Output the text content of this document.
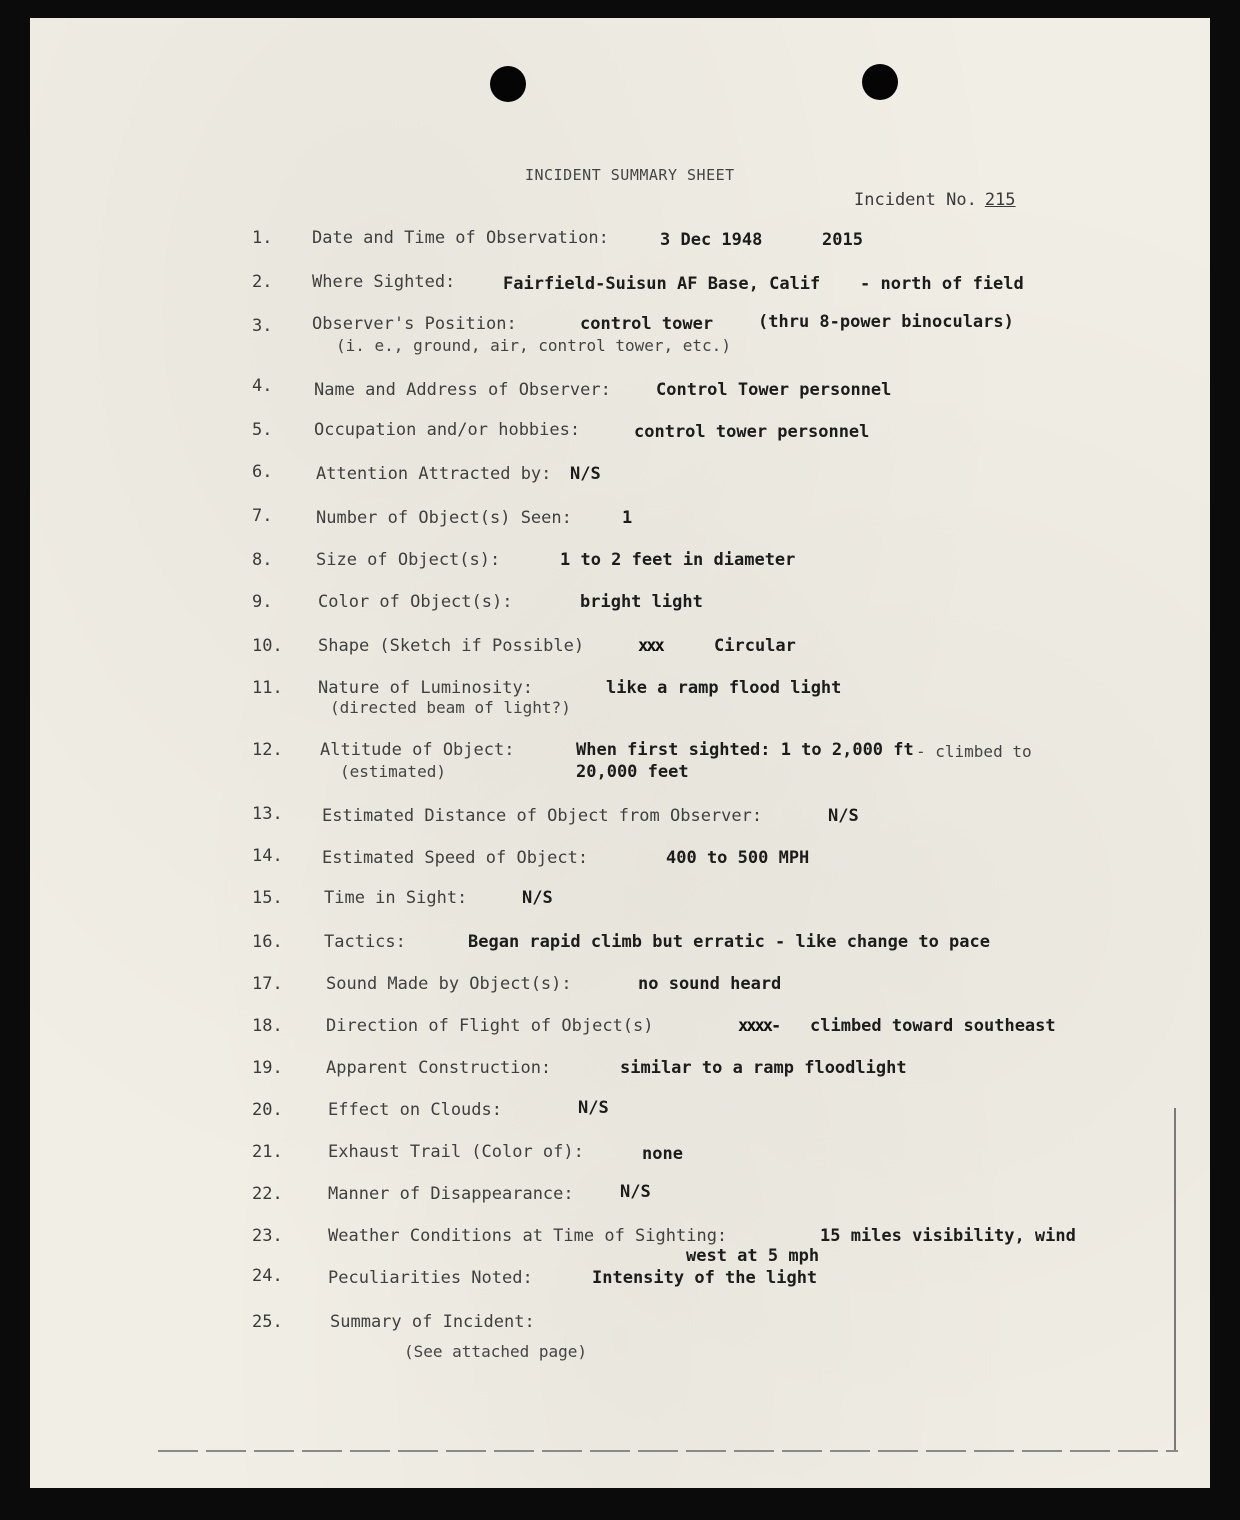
INCIDENT SUMMARY SHEET
Incident No. 215
1.	Date and Time of Observation:	3 Dec 1948	2015
2.	Where Sighted:	Fairfield-Suisun AF Base, Calif - north of field
3.	Observer's Position:	control tower	(thru 8-power binoculars)
(i. e., ground, air, control tower, etc.)
4.	Name and Address of Observer:	Control Tower personnel
5.	Occupation and/or hobbies:	control tower personnel
6.	Attention Attracted by: N/S
7.	Number of Object(s) Seen:	1
8.	Size of Object(s):	1 to 2 feet in diameter
9.	Color of Object(s):	bright light
10.	Shape (Sketch if Possible)	xxx	Circular
11.	Nature of Luminosity:	like a ramp flood light
(directed beam of light?)
12.	Altitude of Object:	When first sighted: 1 to 2,000 ft - climbed to
(estimated)	20,000 feet
13.	Estimated Distance of Object from Observer:	N/S
14.	Estimated Speed of Object:	400 to 500 MPH
15.	Time in Sight:	N/S
16.	Tactics:	Began rapid climb but erratic - like change to pace
17.	Sound Made by Object(s):	no sound heard
18.	Direction of Flight of Object(s)	xxxx- climbed toward southeast
19.	Apparent Construction:	similar to a ramp floodlight
20.	Effect on Clouds:	N/S
21.	Exhaust Trail (Color of):	none
22.	Manner of Disappearance:	N/S
23.	Weather Conditions at Time of Sighting:	15 miles visibility, wind
west at 5 mph
24.	Peculiarities Noted:	Intensity of the light
25.	Summary of Incident:
(See attached page)
